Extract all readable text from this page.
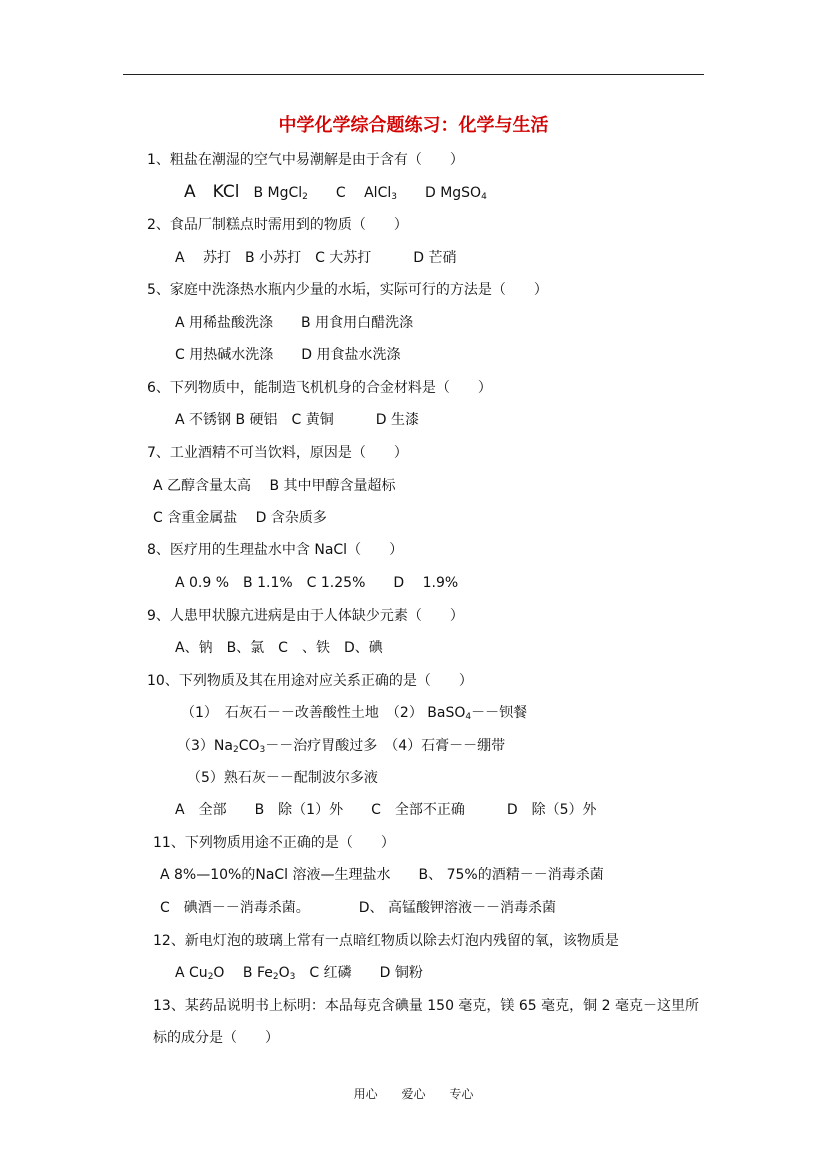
中学化学综合题练习：化学与生活
1、粗盐在潮湿的空气中易潮解是由于含有（　　）
A　KCl　B MgCl$_2$　　C　 AlCl$_3$　　D MgSO$_4$
2、食品厂制糕点时需用到的物质（　　）
A　 苏打　B 小苏打　C 大苏打　　　D 芒硝
5、家庭中洗涤热水瓶内少量的水垢，实际可行的方法是（　　）
A 用稀盐酸洗涤　　B 用食用白醋洗涤
C 用热碱水洗涤　　D 用食盐水洗涤
6、下列物质中，能制造飞机机身的合金材料是（　　）
A 不锈钢 B 硬铝　C 黄铜　　　D 生漆
7、工业酒精不可当饮料，原因是（　　）
A 乙醇含量太高　 B 其中甲醇含量超标
C 含重金属盐　 D 含杂质多
8、医疗用的生理盐水中含 NaCl（　　）
A 0.9 %　B 1.1%　C 1.25%　　D　 1.9%
9、人患甲状腺亢进病是由于人体缺少元素（　　）
A、钠　B、氯　C　、铁　D、碘
10、下列物质及其在用途对应关系正确的是（　　）
（1）　石灰石－－改善酸性土地　（2） BaSO$_4$－－钡餐
$(3)Na_2CO_3--$治疗胃酸过多　（4）石膏－－绷带
（5）熟石灰－－配制波尔多液
A　全部　　B　除（1）外　　C　全部不正确　　　D　除（5）外
11、下列物质用途不正确的是（　　）
A 8%—10%的NaCl 溶液—生理盐水　　B、 75%的酒精－－消毒杀菌
C　碘酒－－消毒杀菌。　　　　D、 高锰酸钾溶液－－消毒杀菌
12、新电灯泡的玻璃上常有一点暗红物质以除去灯泡内残留的氧，该物质是
A $Cu_2O$　 B $Fe_2O_3$　C 红磷　　D 铜粉
13、某药品说明书上标明：本品每克含碘量 150 毫克，镁 65 毫克，铜 2 毫克－这里所
标的成分是（　　）
用心 爱心 专心
